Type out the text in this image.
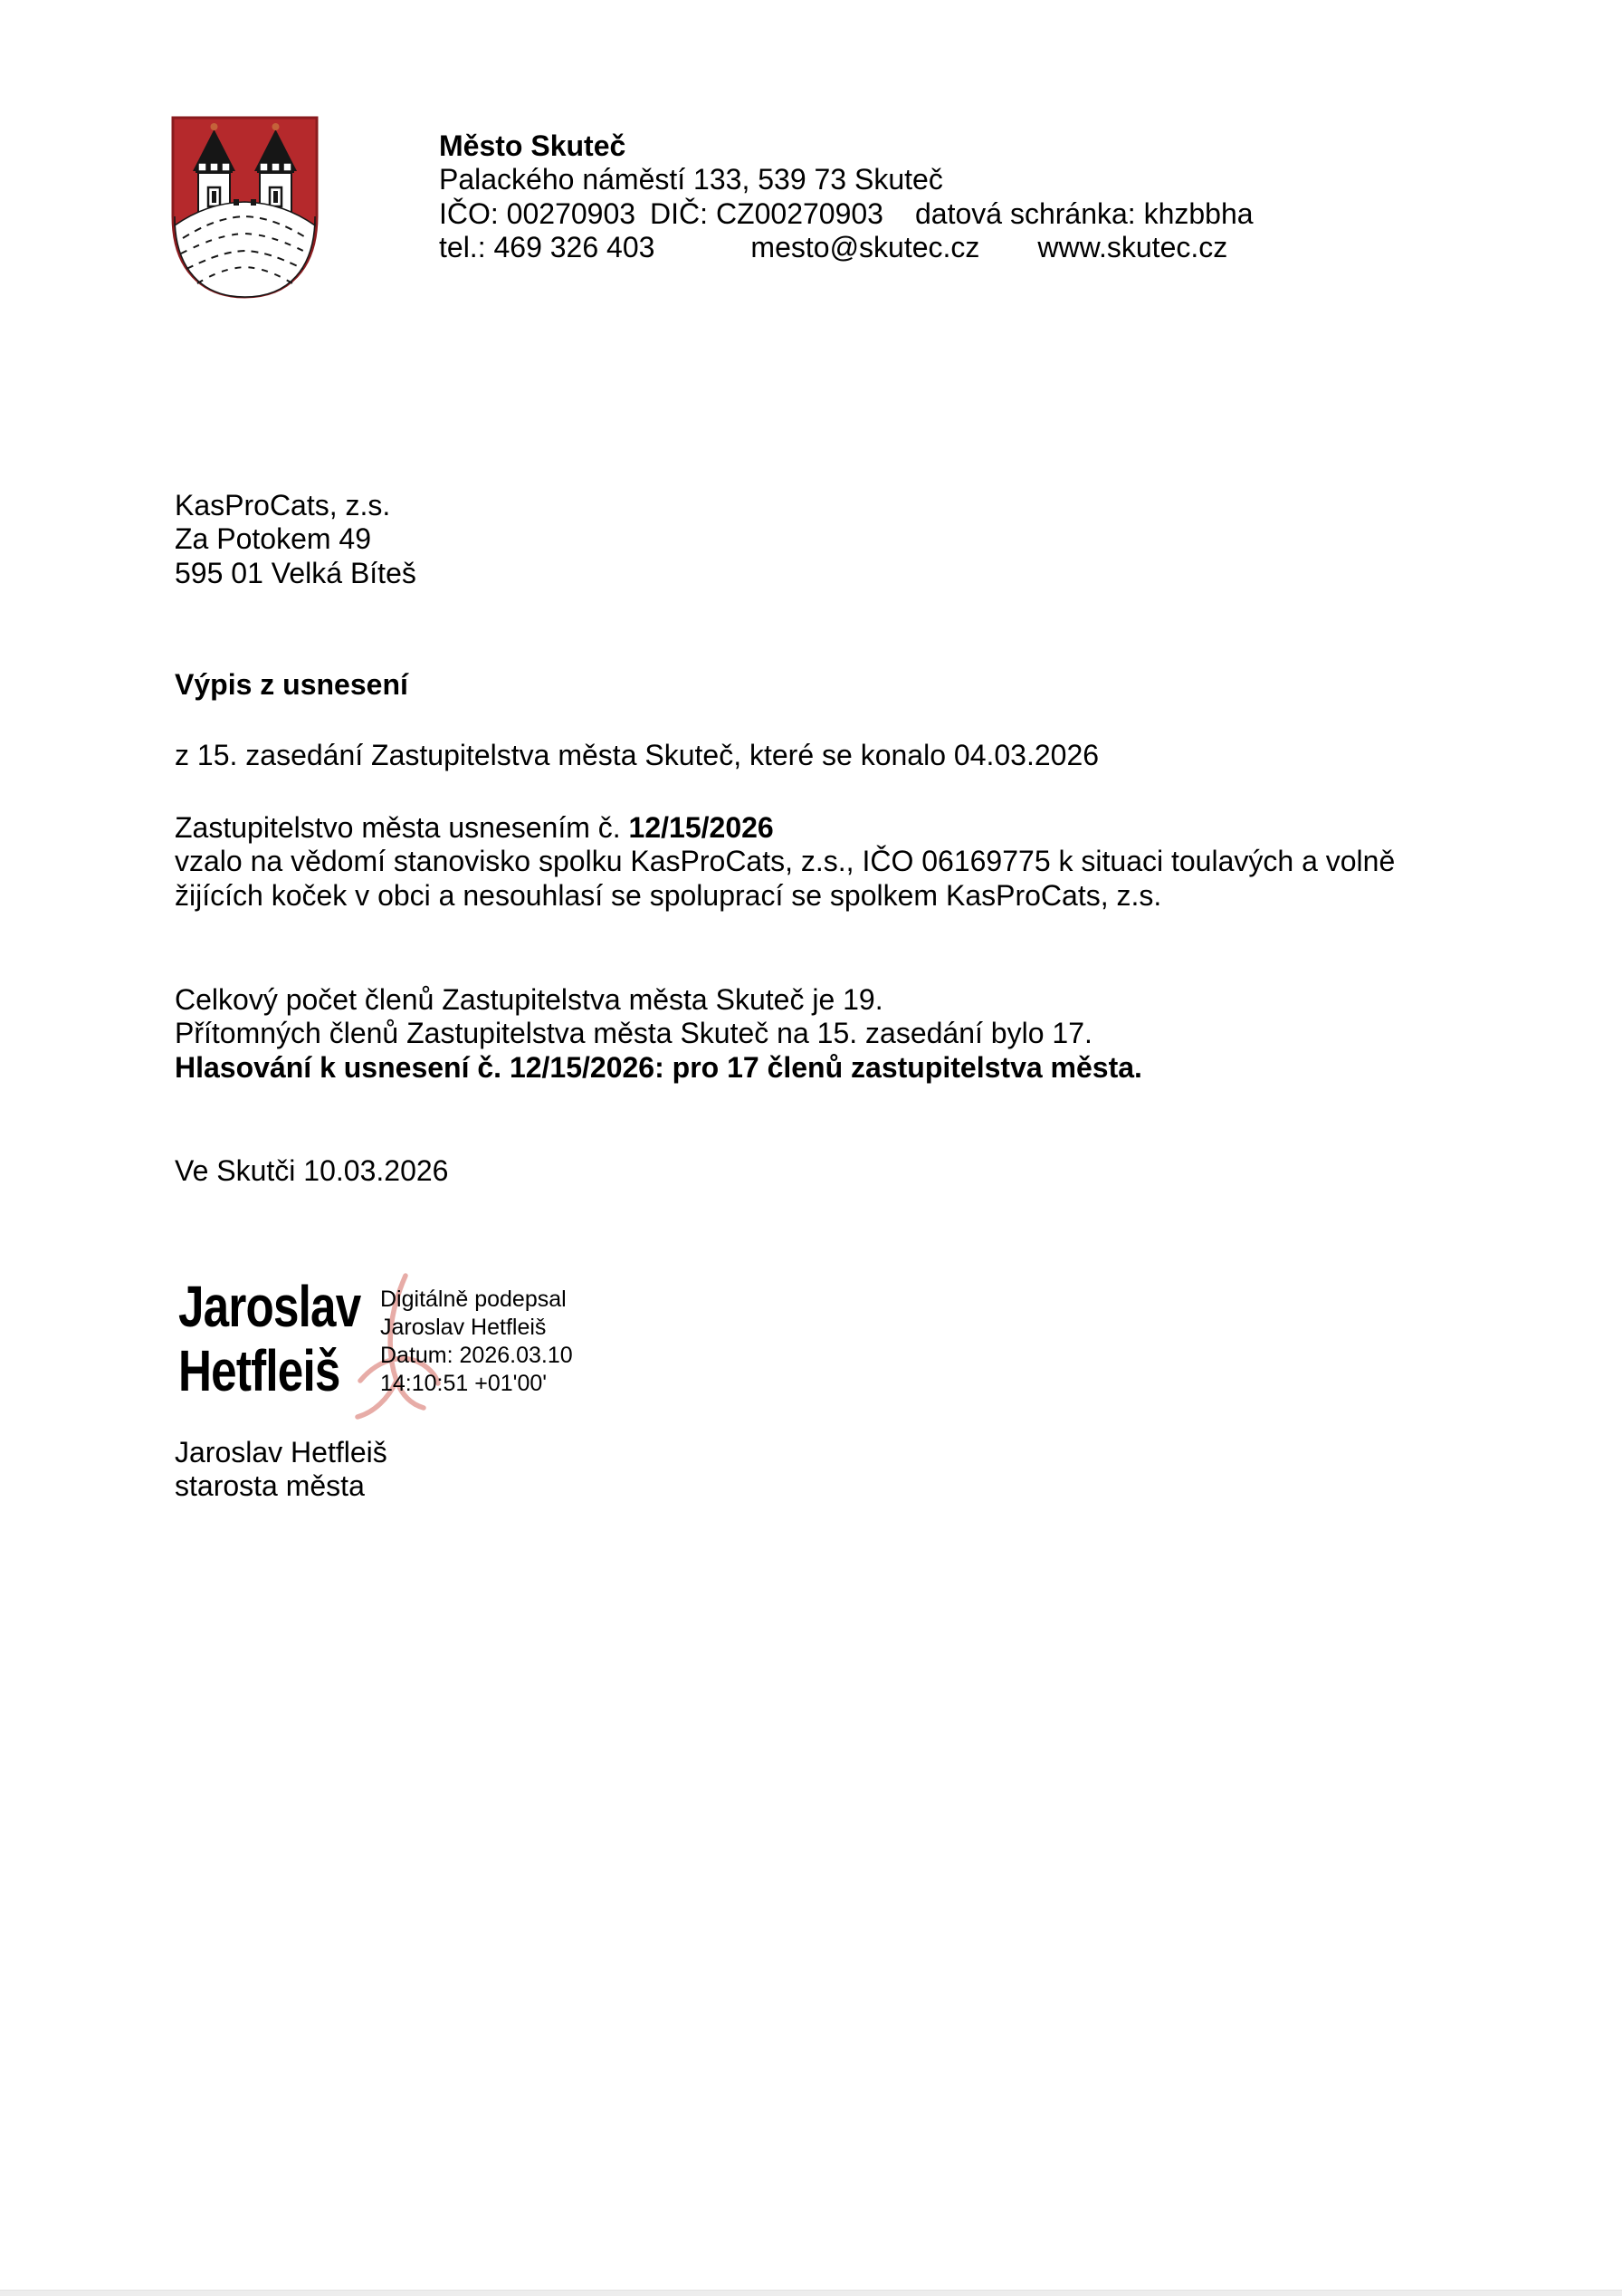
Město Skuteč
Palackého náměstí 133, 539 73 Skuteč
IČO: 00270903 DIČ: CZ00270903 datová schránka: khzbbha
tel.: 469 326 403	mesto@skutec.cz www.skutec.cz
KasProCats, z.s.
Za Potokem 49
595 01 Velká Bíteš
Výpis z usnesení
z 15. zasedání Zastupitelstva města Skuteč, které se konalo 04.03.2026
Zastupitelstvo města usnesením č. 12/15/2026
vzalo na vědomí stanovisko spolku KasProCats, z.s., IČO 06169775 k situaci toulavých a volně
žijících koček v obci a nesouhlasí se spoluprací se spolkem KasProCats, z.s.
Celkový počet členů Zastupitelstva města Skuteč je 19.
Přítomných členů Zastupitelstva města Skuteč na 15. zasedání bylo 17.
Hlasování k usnesení č. 12/15/2026: pro 17 členů zastupitelstva města.
Ve Skutči 10.03.2026
Jaroslav
Hetfleiš
Digitálně podepsal
Jaroslav Hetfleiš
Datum: 2026.03.10
14:10:51 +01'00'
Jaroslav Hetfleiš
starosta města
